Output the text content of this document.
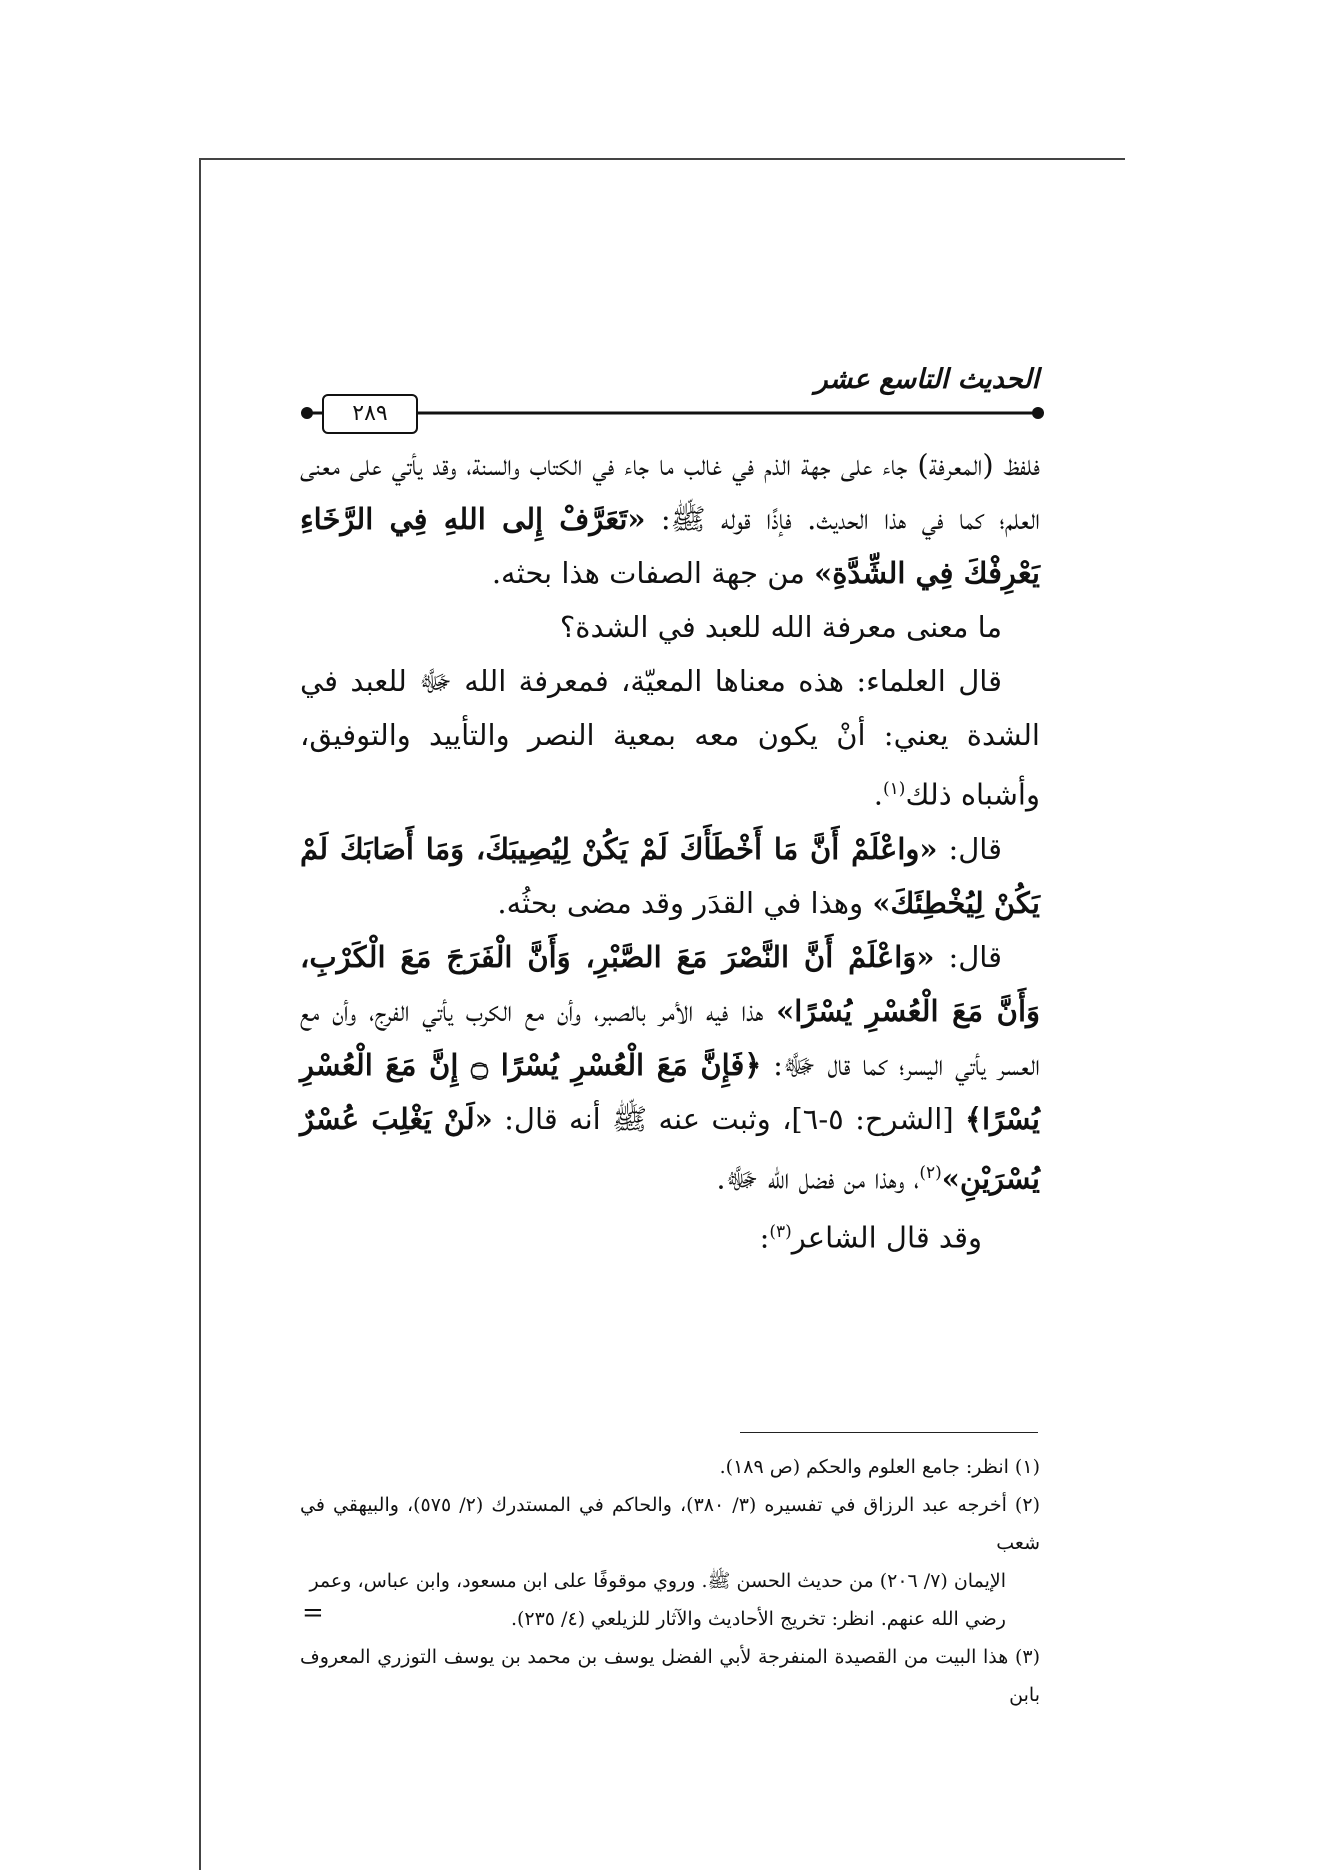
الحديث التاسع عشر
٢٨٩

فلفظ (المعرفة) جاء على جهة الذم في غالب ما جاء في الكتاب والسنة، وقد يأتي على معنى العلم؛ كما في هذا الحديث. فإذًا قوله ﷺ: «تَعَرَّفْ إِلى اللهِ فِي الرَّخَاءِ يَعْرِفْكَ فِي الشِّدَّةِ» من جهة الصفات هذا بحثه.

ما معنى معرفة الله للعبد في الشدة؟

قال العلماء: هذه معناها المعيّة، فمعرفة الله ﷻ للعبد في الشدة يعني: أنْ يكون معه بمعية النصر والتأييد والتوفيق، وأشباه ذلك$^{(١)}$.

قال: «واعْلَمْ أَنَّ مَا أَخْطَأَكَ لَمْ يَكُنْ لِيُصِيبَكَ، وَمَا أَصَابَكَ لَمْ يَكُنْ لِيُخْطِئَكَ» وهذا في القدَر وقد مضى بحثُه.

قال: «وَاعْلَمْ أَنَّ النَّصْرَ مَعَ الصَّبْرِ، وَأَنَّ الْفَرَجَ مَعَ الْكَرْبِ، وَأَنَّ مَعَ الْعُسْرِ يُسْرًا» هذا فيه الأمر بالصبر، وأن مع الكرب يأتي الفرج، وأن مع العسر يأتي اليسر؛ كما قال ﷻ: ﴿فَإِنَّ مَعَ الْعُسْرِ يُسْرًا ۝ إِنَّ مَعَ الْعُسْرِ يُسْرًا﴾ [الشرح: ٥-٦]، وثبت عنه ﷺ أنه قال: «لَنْ يَغْلِبَ عُسْرٌ يُسْرَيْنِ»$^{(٢)}$، وهذا من فضل الله ﷻ.

وقد قال الشاعر$^{(٣)}$:

(١) انظر: جامع العلوم والحكم (ص ١٨٩).

(٢) أخرجه عبد الرزاق في تفسيره (٣/ ٣٨٠)، والحاكم في المستدرك (٢/ ٥٧٥)، والبيهقي في شعب

الإيمان (٧/ ٢٠٦) من حديث الحسن ﷺ. وروي موقوفًا على ابن مسعود، وابن عباس، وعمر

رضي الله عنهم. انظر: تخريج الأحاديث والآثار للزيلعي (٤/ ٢٣٥).

(٣) هذا البيت من القصيدة المنفرجة لأبي الفضل يوسف بن محمد بن يوسف التوزري المعروف بابن

=
